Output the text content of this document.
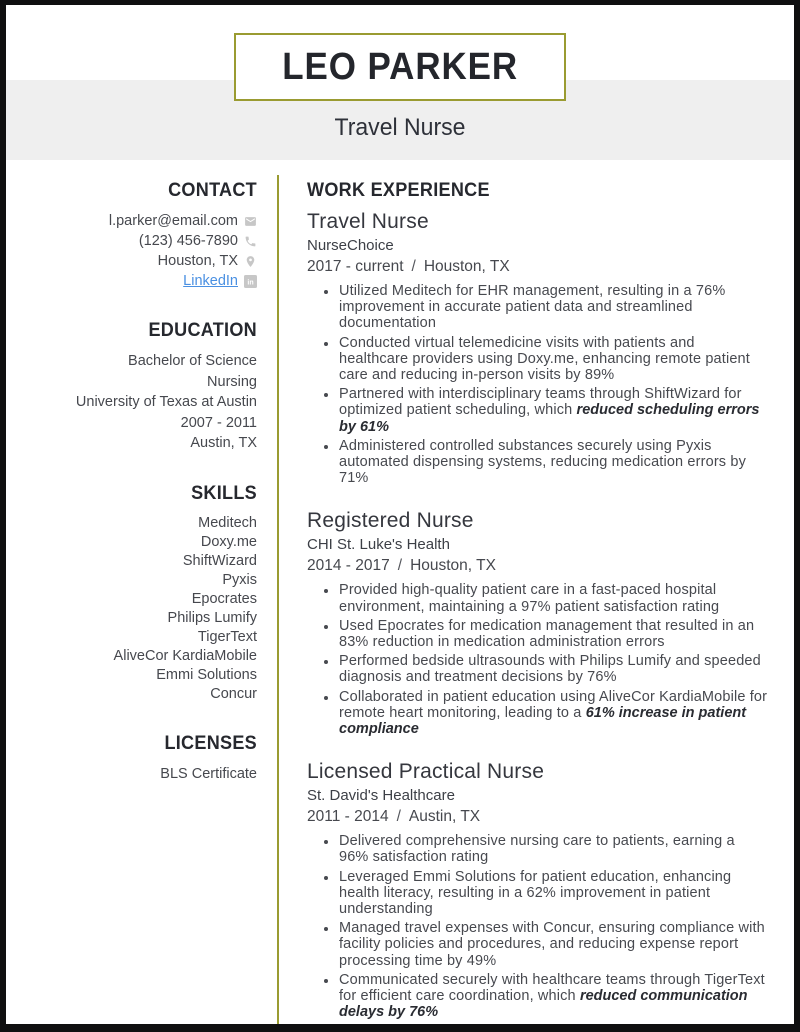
LEO PARKER
Travel Nurse
CONTACT
l.parker@email.com
(123) 456-7890
Houston, TX
LinkedIn in
EDUCATION
Bachelor of Science
Nursing
University of Texas at Austin
2007 - 2011
Austin, TX
SKILLS
Meditech
Doxy.me
ShiftWizard
Pyxis
Epocrates
Philips Lumify
TigerText
AliveCor KardiaMobile
Emmi Solutions
Concur
LICENSES
BLS Certificate
WORK EXPERIENCE
Travel Nurse
NurseChoice
2017 - current / Houston, TX
• Utilized Meditech for EHR management, resulting in a 76% improvement in accurate patient data and streamlined documentation
• Conducted virtual telemedicine visits with patients and healthcare providers using Doxy.me, enhancing remote patient care and reducing in-person visits by 89%
• Partnered with interdisciplinary teams through ShiftWizard for optimized patient scheduling, which reduced scheduling errors by 61%
• Administered controlled substances securely using Pyxis automated dispensing systems, reducing medication errors by 71%
Registered Nurse
CHI St. Luke's Health
2014 - 2017 / Houston, TX
• Provided high-quality patient care in a fast-paced hospital environment, maintaining a 97% patient satisfaction rating
• Used Epocrates for medication management that resulted in an 83% reduction in medication administration errors
• Performed bedside ultrasounds with Philips Lumify and speeded diagnosis and treatment decisions by 76%
• Collaborated in patient education using AliveCor KardiaMobile for remote heart monitoring, leading to a 61% increase in patient compliance
Licensed Practical Nurse
St. David's Healthcare
2011 - 2014 / Austin, TX
• Delivered comprehensive nursing care to patients, earning a 96% satisfaction rating
• Leveraged Emmi Solutions for patient education, enhancing health literacy, resulting in a 62% improvement in patient understanding
• Managed travel expenses with Concur, ensuring compliance with facility policies and procedures, and reducing expense report processing time by 49%
• Communicated securely with healthcare teams through TigerText for efficient care coordination, which reduced communication delays by 76%
